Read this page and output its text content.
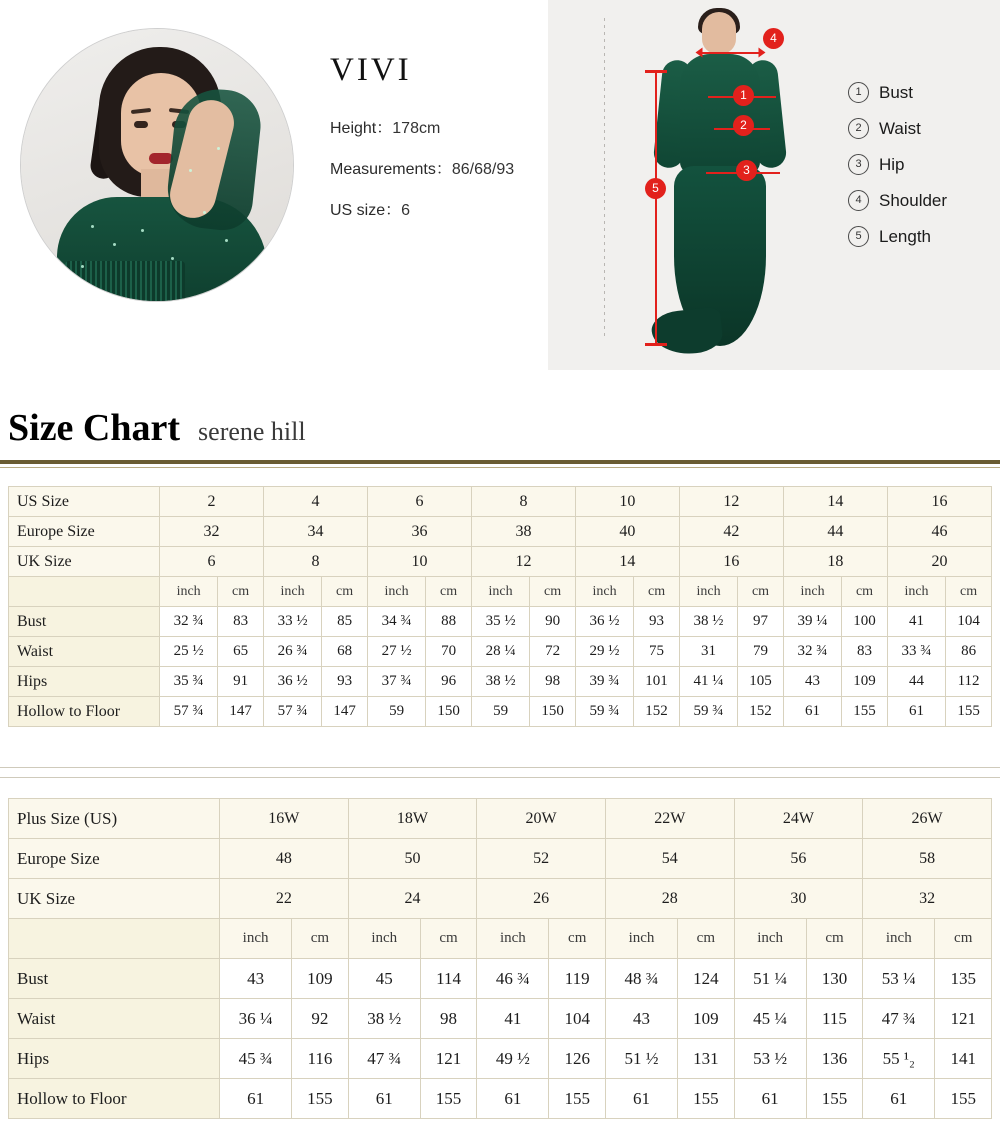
VIVI
Height：178cm
Measurements：86/68/93
US size：6
5
4
1
2
3
1	Bust
2	Waist
3	Hip
4	Shoulder
5	Length
Size Chart serene hill
US Size	2		4		6		8		10		12		14		16	
Europe Size	32		34		36		38		40		42		44		46	
UK Size	6		8		10		12		14		16		18		20	
	inch	cm	inch	cm	inch	cm	inch	cm	inch	cm	inch	cm	inch	cm	inch	cm
Bust	32 ¾	83	33 ½	85	34 ¾	88	35 ½	90	36 ½	93	38 ½	97	39 ¼	100	41	104
Waist	25 ½	65	26 ¾	68	27 ½	70	28 ¼	72	29 ½	75	31	79	32 ¾	83	33 ¾	86
Hips	35 ¾	91	36 ½	93	37 ¾	96	38 ½	98	39 ¾	101	41 ¼	105	43	109	44	112
Hollow to Floor	57 ¾	147	57 ¾	147	59	150	59	150	59 ¾	152	59 ¾	152	61	155	61	155
Plus Size (US)	16W		18W		20W		22W		24W		26W	
Europe Size	48		50		52		54		56		58	
UK Size	22		24		26		28		30		32	
	inch	cm	inch	cm	inch	cm	inch	cm	inch	cm	inch	cm
Bust	43	109	45	114	46 ¾	119	48 ¾	124	51 ¼	130	53 ¼	135
Waist	36 ¼	92	38 ½	98	41	104	43	109	45 ¼	115	47 ¾	121
Hips	45 ¾	116	47 ¾	121	49 ½	126	51 ½	131	53 ½	136	55 ¹₂	141
Hollow to Floor	61	155	61	155	61	155	61	155	61	155	61	155
